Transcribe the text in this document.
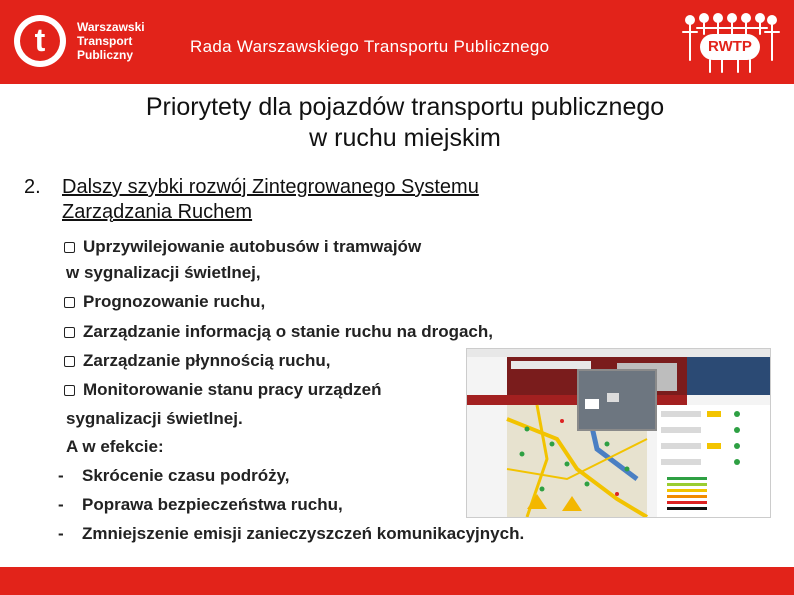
t	Warszawski
Transport
Publiczny	Rada Warszawskiego Transportu Publicznego	RWTP
Priorytety dla pojazdów transportu publicznego
w ruchu miejskim
2. Dalszy szybki rozwój Zintegrowanego Systemu
Zarządzania Ruchem
Uprzywilejowanie autobusów i tramwajów
w sygnalizacji świetlnej,
Prognozowanie ruchu,
Zarządzanie informacją o stanie ruchu na drogach,
Zarządzanie płynnością ruchu,
Monitorowanie stanu pracy urządzeń
sygnalizacji świetlnej.
A w efekcie:
- Skrócenie czasu podróży,
- Poprawa bezpieczeństwa ruchu,
- Zmniejszenie emisji zanieczyszczeń komunikacyjnych.
